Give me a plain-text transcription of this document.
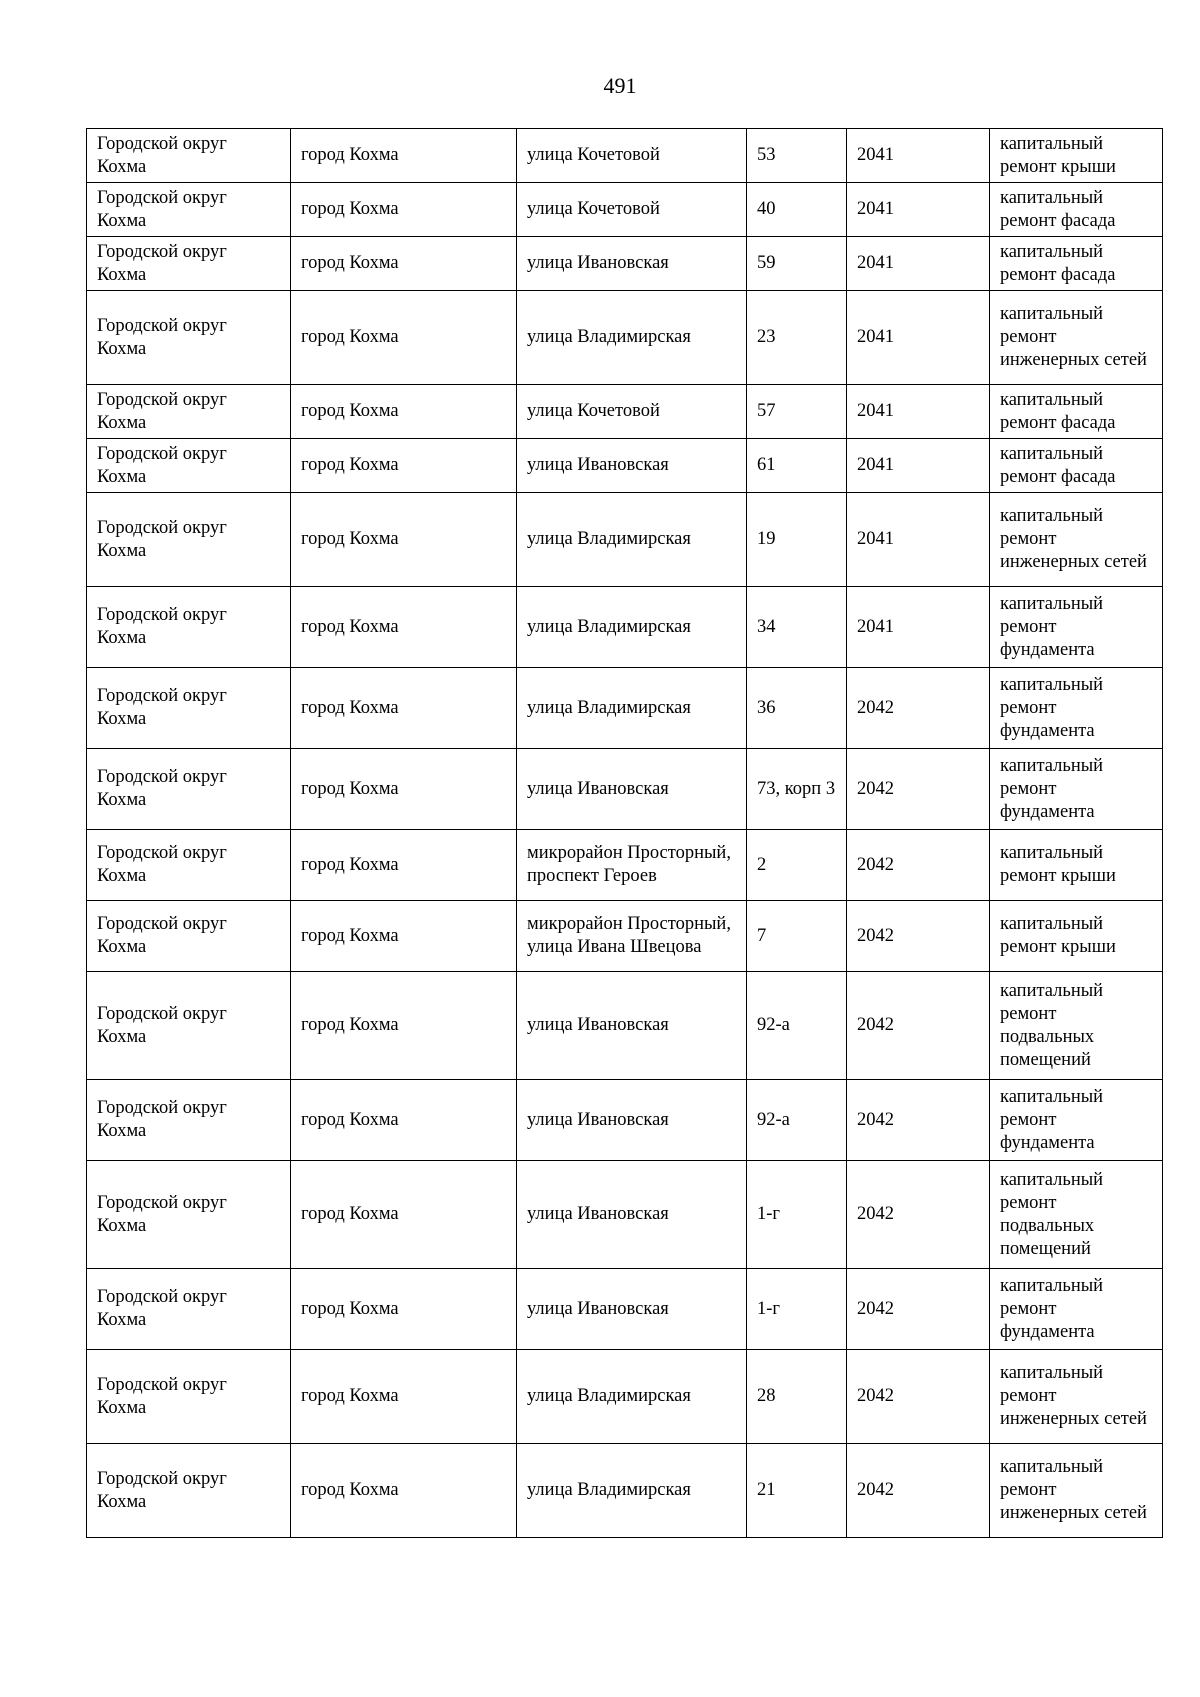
491
Городской округ Кохма	город Кохма	улица Кочетовой	53	2041	капитальный ремонт крыши
Городской округ Кохма	город Кохма	улица Кочетовой	40	2041	капитальный ремонт фасада
Городской округ Кохма	город Кохма	улица Ивановская	59	2041	капитальный ремонт фасада
Городской округ Кохма	город Кохма	улица Владимирская	23	2041	капитальный ремонт инженерных сетей
Городской округ Кохма	город Кохма	улица Кочетовой	57	2041	капитальный ремонт фасада
Городской округ Кохма	город Кохма	улица Ивановская	61	2041	капитальный ремонт фасада
Городской округ Кохма	город Кохма	улица Владимирская	19	2041	капитальный ремонт инженерных сетей
Городской округ Кохма	город Кохма	улица Владимирская	34	2041	капитальный ремонт фундамента
Городской округ Кохма	город Кохма	улица Владимирская	36	2042	капитальный ремонт фундамента
Городской округ Кохма	город Кохма	улица Ивановская	73, корп 3	2042	капитальный ремонт фундамента
Городской округ Кохма	город Кохма	микрорайон Просторный, проспект Героев	2	2042	капитальный ремонт крыши
Городской округ Кохма	город Кохма	микрорайон Просторный, улица Ивана Швецова	7	2042	капитальный ремонт крыши
Городской округ Кохма	город Кохма	улица Ивановская	92-а	2042	капитальный ремонт подвальных помещений
Городской округ Кохма	город Кохма	улица Ивановская	92-а	2042	капитальный ремонт фундамента
Городской округ Кохма	город Кохма	улица Ивановская	1-г	2042	капитальный ремонт подвальных помещений
Городской округ Кохма	город Кохма	улица Ивановская	1-г	2042	капитальный ремонт фундамента
Городской округ Кохма	город Кохма	улица Владимирская	28	2042	капитальный ремонт инженерных сетей
Городской округ Кохма	город Кохма	улица Владимирская	21	2042	капитальный ремонт инженерных сетей
